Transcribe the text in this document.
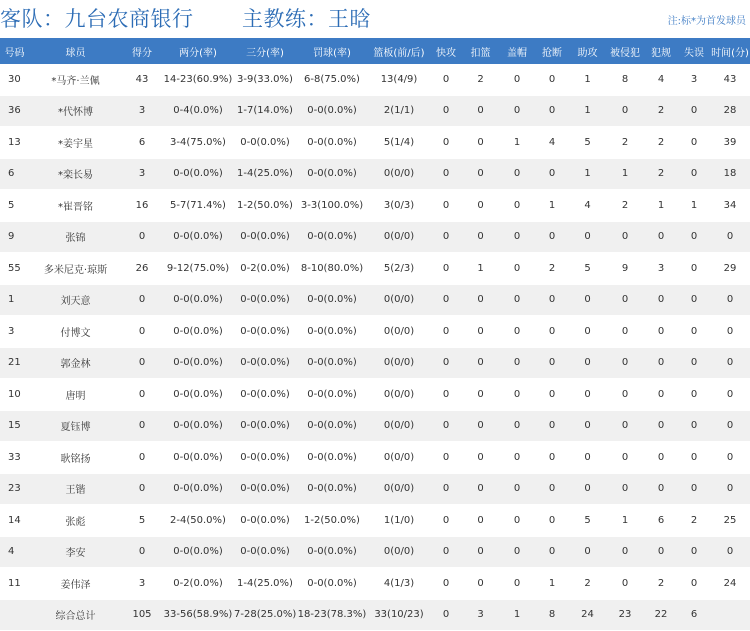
客队：九台农商银行 主教练：王晗	注:标*为首发球员
号码	球员	得分	两分(率)	三分(率)	罚球(率)	篮板(前/后)	快攻	扣篮	盖帽	抢断	助攻	被侵犯	犯规	失误	时间(分)
30	*马齐·兰佩	43	14-23(60.9%)	3-9(33.0%)	6-8(75.0%)	13(4/9)	0	2	0	0	1	8	4	3	43
36	*代怀博	3	0-4(0.0%)	1-7(14.0%)	0-0(0.0%)	2(1/1)	0	0	0	0	1	0	2	0	28
13	*姜宇星	6	3-4(75.0%)	0-0(0.0%)	0-0(0.0%)	5(1/4)	0	0	1	4	5	2	2	0	39
6	*栾长易	3	0-0(0.0%)	1-4(25.0%)	0-0(0.0%)	0(0/0)	0	0	0	0	1	1	2	0	18
5	*崔晋铭	16	5-7(71.4%)	1-2(50.0%)	3-3(100.0%)	3(0/3)	0	0	0	1	4	2	1	1	34
9	张锦	0	0-0(0.0%)	0-0(0.0%)	0-0(0.0%)	0(0/0)	0	0	0	0	0	0	0	0	0
55	多米尼克·琼斯	26	9-12(75.0%)	0-2(0.0%)	8-10(80.0%)	5(2/3)	0	1	0	2	5	9	3	0	29
1	刘天意	0	0-0(0.0%)	0-0(0.0%)	0-0(0.0%)	0(0/0)	0	0	0	0	0	0	0	0	0
3	付博文	0	0-0(0.0%)	0-0(0.0%)	0-0(0.0%)	0(0/0)	0	0	0	0	0	0	0	0	0
21	郭金林	0	0-0(0.0%)	0-0(0.0%)	0-0(0.0%)	0(0/0)	0	0	0	0	0	0	0	0	0
10	唐明	0	0-0(0.0%)	0-0(0.0%)	0-0(0.0%)	0(0/0)	0	0	0	0	0	0	0	0	0
15	夏钰博	0	0-0(0.0%)	0-0(0.0%)	0-0(0.0%)	0(0/0)	0	0	0	0	0	0	0	0	0
33	耿铭扬	0	0-0(0.0%)	0-0(0.0%)	0-0(0.0%)	0(0/0)	0	0	0	0	0	0	0	0	0
23	王锴	0	0-0(0.0%)	0-0(0.0%)	0-0(0.0%)	0(0/0)	0	0	0	0	0	0	0	0	0
14	张彪	5	2-4(50.0%)	0-0(0.0%)	1-2(50.0%)	1(1/0)	0	0	0	0	5	1	6	2	25
4	李安	0	0-0(0.0%)	0-0(0.0%)	0-0(0.0%)	0(0/0)	0	0	0	0	0	0	0	0	0
11	姜伟泽	3	0-2(0.0%)	1-4(25.0%)	0-0(0.0%)	4(1/3)	0	0	0	1	2	0	2	0	24
	综合总计	105	33-56(58.9%)	7-28(25.0%)	18-23(78.3%)	33(10/23)	0	3	1	8	24	23	22	6	
